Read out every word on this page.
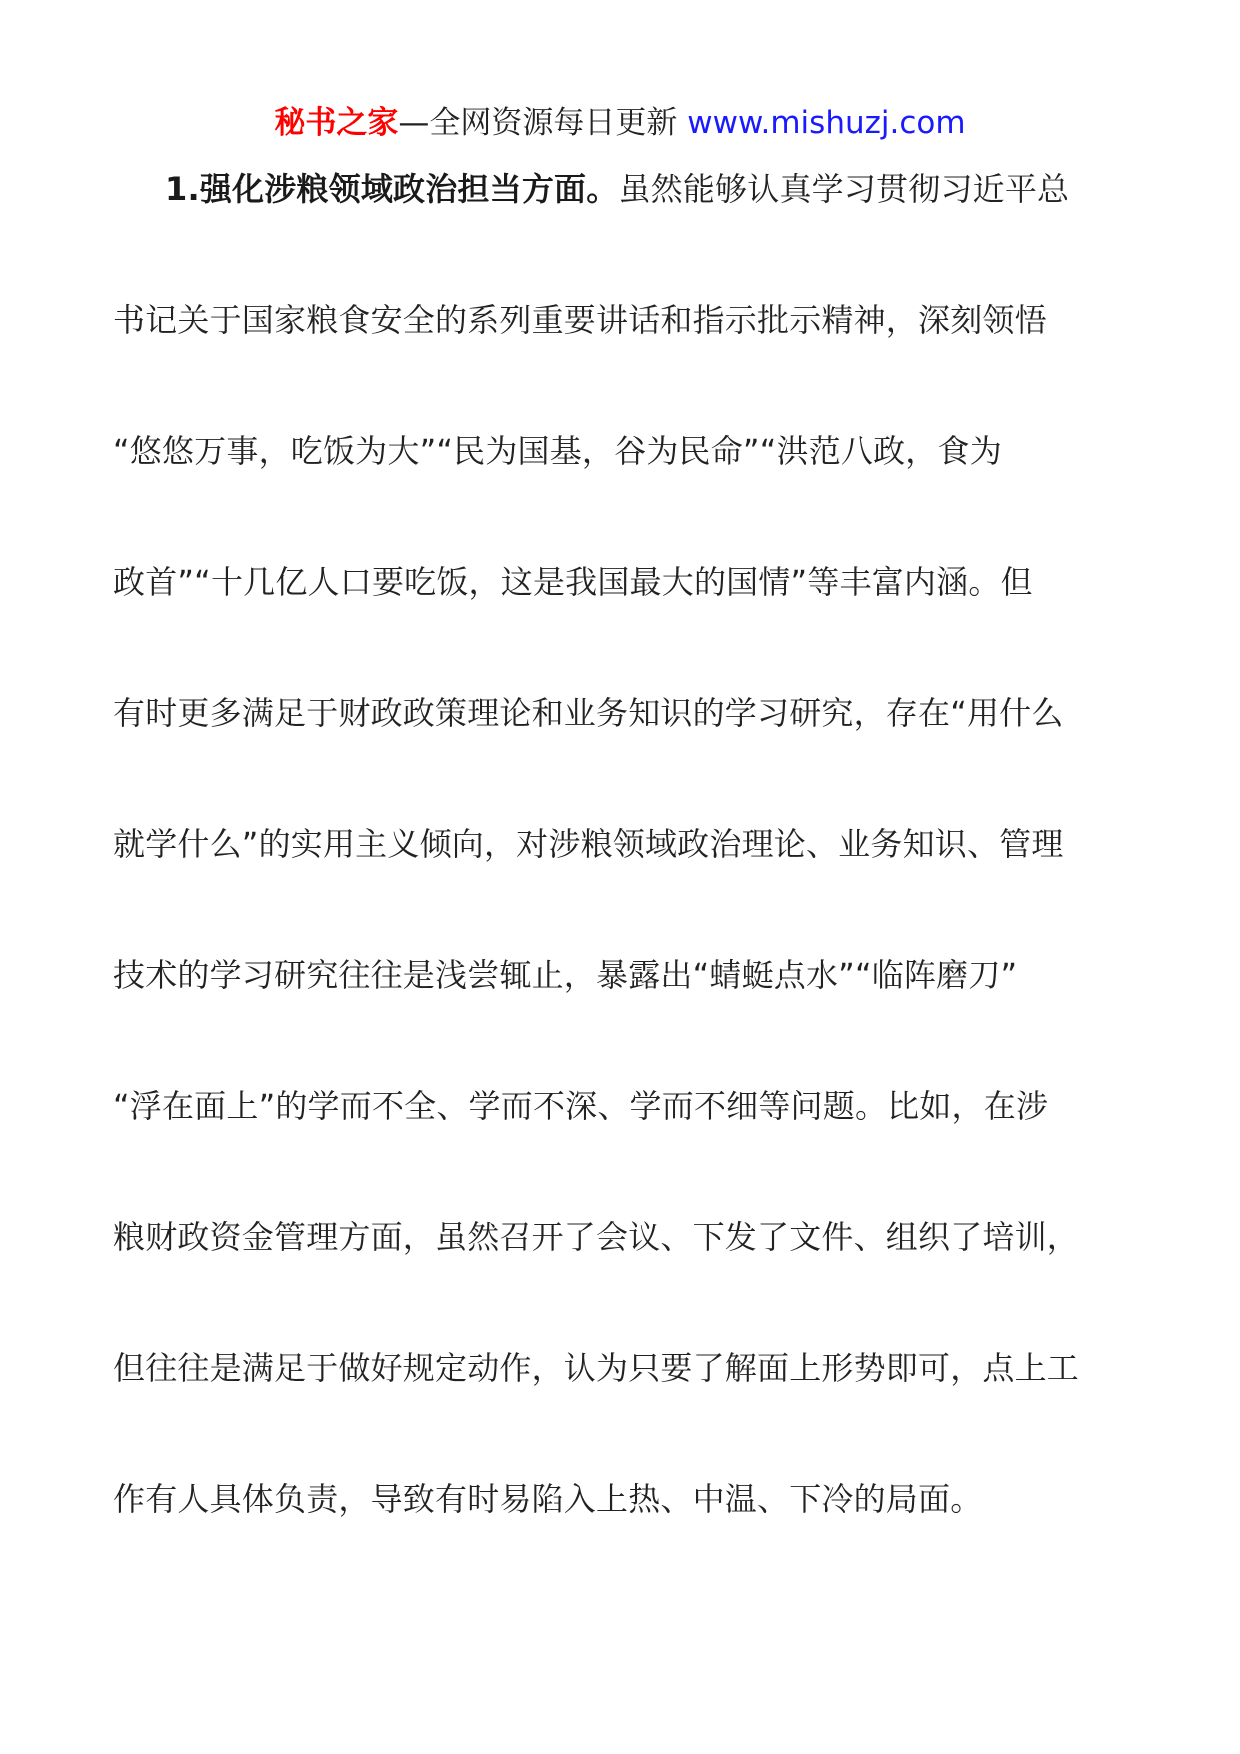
秘书之家—全网资源每日更新 www.mishuzj.com
1.强化涉粮领域政治担当方面。虽然能够认真学习贯彻习近平总
书记关于国家粮食安全的系列重要讲话和指示批示精神，深刻领悟
“悠悠万事，吃饭为大”“民为国基，谷为民命”“洪范八政，食为
政首”“十几亿人口要吃饭，这是我国最大的国情”等丰富内涵。但
有时更多满足于财政政策理论和业务知识的学习研究，存在“用什么
就学什么”的实用主义倾向，对涉粮领域政治理论、业务知识、管理
技术的学习研究往往是浅尝辄止，暴露出“蜻蜓点水”“临阵磨刀”
“浮在面上”的学而不全、学而不深、学而不细等问题。比如，在涉
粮财政资金管理方面，虽然召开了会议、下发了文件、组织了培训，
但往往是满足于做好规定动作，认为只要了解面上形势即可，点上工
作有人具体负责，导致有时易陷入上热、中温、下冷的局面。
